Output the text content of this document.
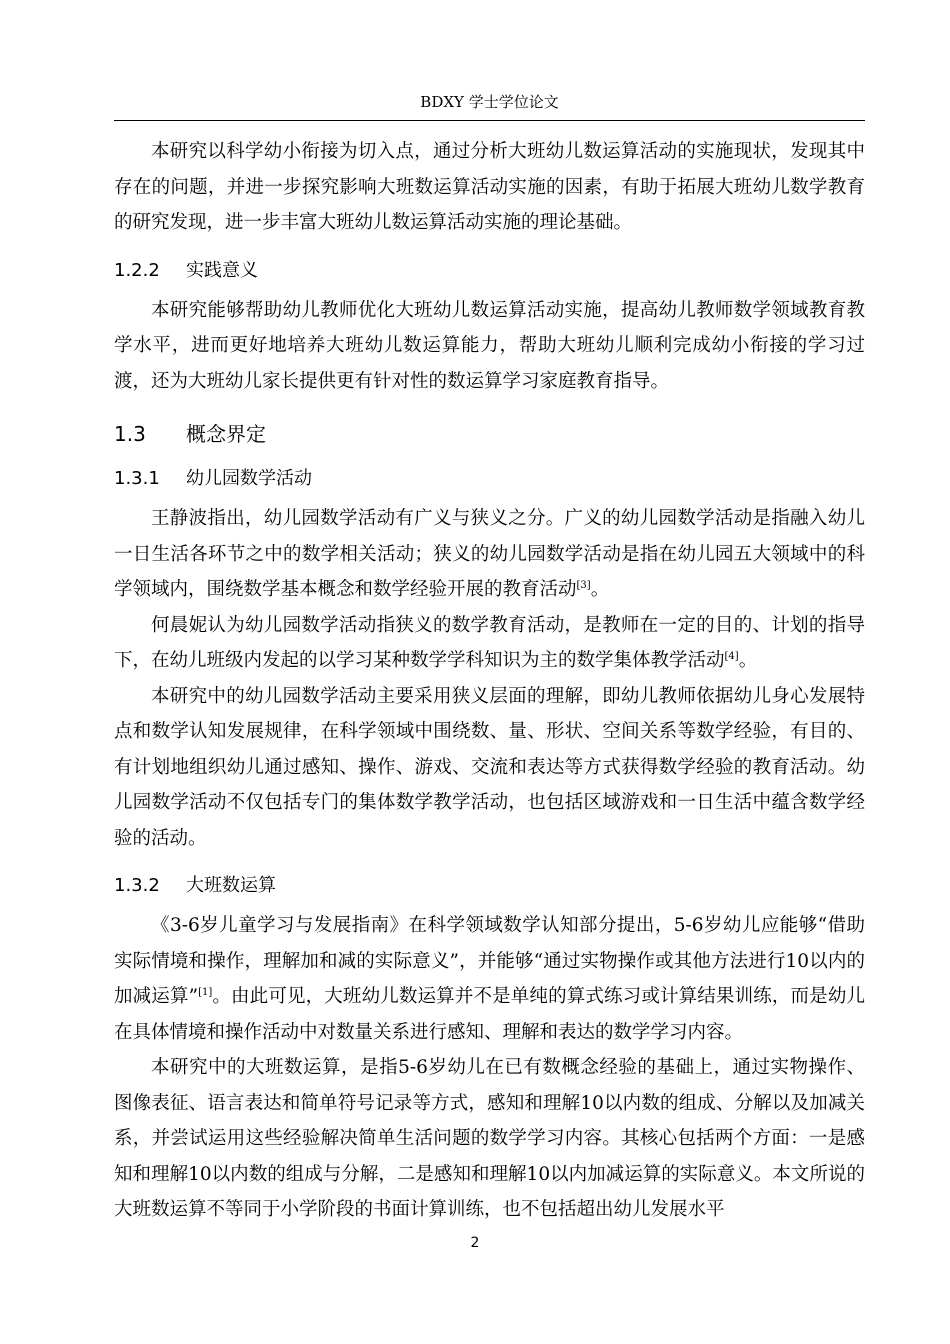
BDXY 学士学位论文

本研究以科学幼小衔接为切入点，通过分析大班幼儿数运算活动的实施现状，发现其中存在的问题，并进一步探究影响大班数运算活动实施的因素，有助于拓展大班幼儿数学教育的研究发现，进一步丰富大班幼儿数运算活动实施的理论基础。

1.2.2 实践意义

本研究能够帮助幼儿教师优化大班幼儿数运算活动实施，提高幼儿教师数学领域教育教学水平，进而更好地培养大班幼儿数运算能力，帮助大班幼儿顺利完成幼小衔接的学习过渡，还为大班幼儿家长提供更有针对性的数运算学习家庭教育指导。

1.3 概念界定
1.3.1 幼儿园数学活动

王静波指出，幼儿园数学活动有广义与狭义之分。广义的幼儿园数学活动是指融入幼儿一日生活各环节之中的数学相关活动；狭义的幼儿园数学活动是指在幼儿园五大领域中的科学领域内，围绕数学基本概念和数学经验开展的教育活动[3]。

何晨妮认为幼儿园数学活动指狭义的数学教育活动，是教师在一定的目的、计划的指导下，在幼儿班级内发起的以学习某种数学学科知识为主的数学集体教学活动[4]。

本研究中的幼儿园数学活动主要采用狭义层面的理解，即幼儿教师依据幼儿身心发展特点和数学认知发展规律，在科学领域中围绕数、量、形状、空间关系等数学经验，有目的、有计划地组织幼儿通过感知、操作、游戏、交流和表达等方式获得数学经验的教育活动。幼儿园数学活动不仅包括专门的集体数学教学活动，也包括区域游戏和一日生活中蕴含数学经验的活动。

1.3.2 大班数运算

《3-6岁儿童学习与发展指南》在科学领域数学认知部分提出，5-6岁幼儿应能够“借助实际情境和操作，理解加和减的实际意义”，并能够“通过实物操作或其他方法进行10以内的加减运算”[1]。由此可见，大班幼儿数运算并不是单纯的算式练习或计算结果训练，而是幼儿在具体情境和操作活动中对数量关系进行感知、理解和表达的数学学习内容。

本研究中的大班数运算，是指5-6岁幼儿在已有数概念经验的基础上，通过实物操作、图像表征、语言表达和简单符号记录等方式，感知和理解10以内数的组成、分解以及加减关系，并尝试运用这些经验解决简单生活问题的数学学习内容。其核心包括两个方面：一是感知和理解10以内数的组成与分解，二是感知和理解10以内加减运算的实际意义。本文所说的大班数运算不等同于小学阶段的书面计算训练，也不包括超出幼儿发展水平

2
